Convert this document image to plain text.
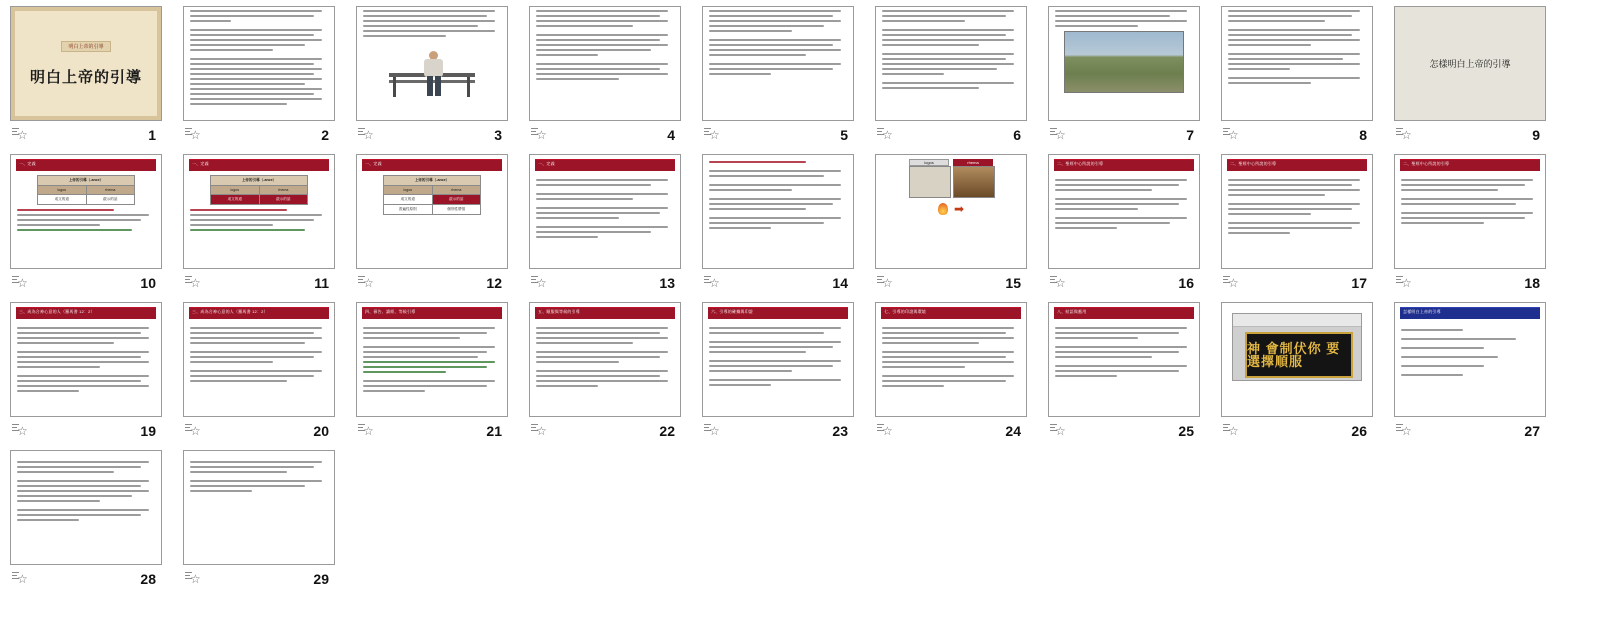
明白上帝的引導
明白上帝的引導
☆	1	☆	2	☆	3	☆	4	☆	5	☆	6	☆	7	☆	8
怎樣明白上帝的引導
☆	9
一、定義
上帝的引導（-ance）
logos	rhema
成文的道	啟示的話
☆	10
一、定義
上帝的引導（-ance）
logos	rhema
成文的道	啟示的話
☆	11
一、定義
上帝的引導（-ance）
logos	rhema
成文的道	啟示的話
普遍性原則	個別性帶領
☆	12
一、定義
☆	13	☆	14
logos	rhema
➡
☆	15
二、聖經中心所說的引導
☆	16
二、聖經中心所說的引導
☆	17
二、聖經中心所說的引導
☆	18
三、成為合神心意的人（羅馬書 12：2）
☆	19
三、成為合神心意的人（羅馬書 12：2）
☆	20
四、禱告、讀經、等候引導
☆	21
五、順服與等候的引導
☆	22
六、引導的確據與印證
☆	23
七、引導的印證與環境
☆	24
八、結語與應用
☆	25
神 會制伏你 要選擇順服
☆	26
怎樣明白上帝的引導
☆	27
☆	28	☆	29
